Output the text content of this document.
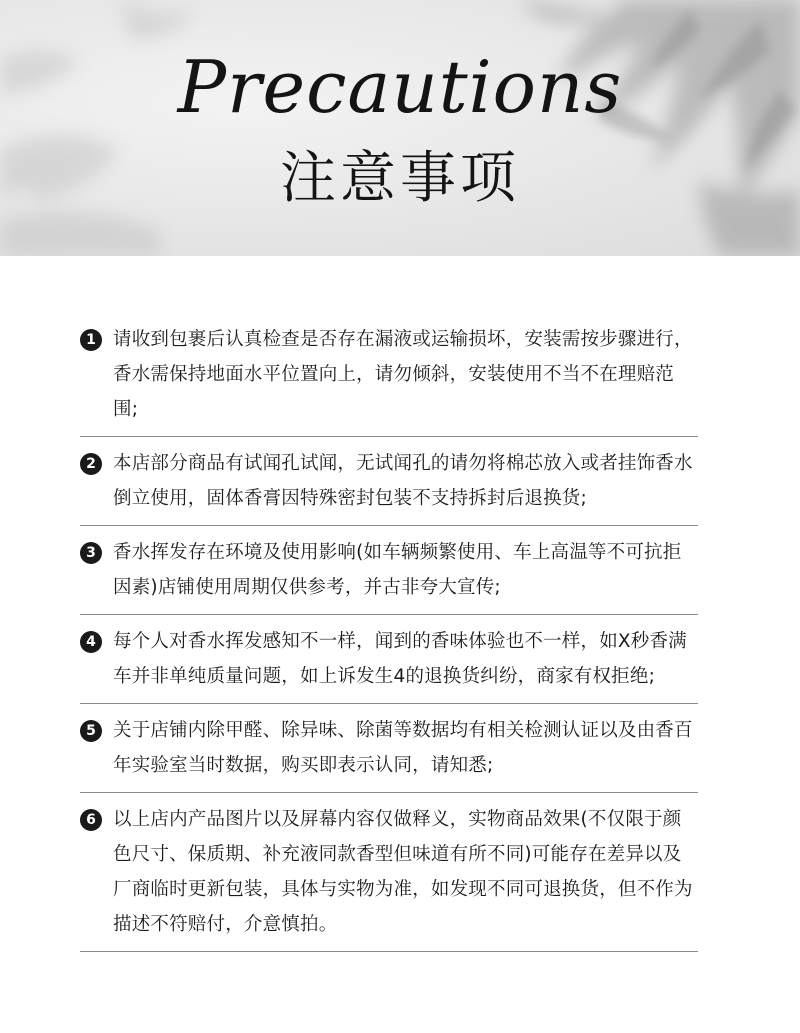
Precautions
注意事项
1 请收到包裹后认真检查是否存在漏液或运输损坏，安装需按步骤进行，香水需保持地面水平位置向上，请勿倾斜，安装使用不当不在理赔范围;
2 本店部分商品有试闻孔试闻，无试闻孔的请勿将棉芯放入或者挂饰香水倒立使用，固体香膏因特殊密封包装不支持拆封后退换货;
3 香水挥发存在环境及使用影响(如车辆频繁使用、车上高温等不可抗拒因素)店铺使用周期仅供参考，并古非夸大宣传;
4 每个人对香水挥发感知不一样，闻到的香味体验也不一样，如X秒香满车并非单纯质量问题，如上诉发生4的退换货纠纷，商家有权拒绝;
5 关于店铺内除甲醛、除异味、除菌等数据均有相关检测认证以及由香百年实验室当时数据，购买即表示认同，请知悉;
6 以上店内产品图片以及屏幕内容仅做释义，实物商品效果(不仅限于颜色尺寸、保质期、补充液同款香型但味道有所不同)可能存在差异以及厂商临时更新包装，具体与实物为准，如发现不同可退换货，但不作为描述不符赔付，介意慎拍。
